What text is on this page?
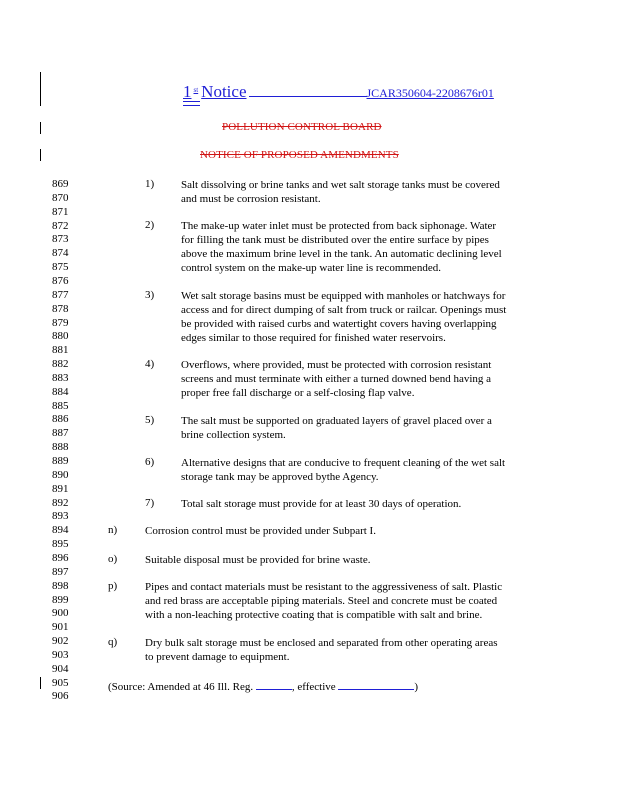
1 $^{st}$ Notice	JCAR350604-2208676r01
POLLUTION CONTROL BOARD
NOTICE OF PROPOSED AMENDMENTS
869
870
871
872
873
874
875
876
877
878
879
880
881
882
883
884
885
886
887
888
889
890
891
892
893
894
895
896
897
898
899
900
901
902
903
904
905
906
1) Salt dissolving or brine tanks and wet salt storage tanks must be covered
and must be corrosion resistant.
2) The make-up water inlet must be protected from back siphonage. Water
for filling the tank must be distributed over the entire surface by pipes
above the maximum brine level in the tank. An automatic declining level
control system on the make-up water line is recommended.
3) Wet salt storage basins must be equipped with manholes or hatchways for
access and for direct dumping of salt from truck or railcar. Openings must
be provided with raised curbs and watertight covers having overlapping
edges similar to those required for finished water reservoirs.
4) Overflows, where provided, must be protected with corrosion resistant
screens and must terminate with either a turned downed bend having a
proper free fall discharge or a self-closing flap valve.
5) The salt must be supported on graduated layers of gravel placed over a
brine collection system.
6) Alternative designs that are conducive to frequent cleaning of the wet salt
storage tank may be approved bythe Agency.
7) Total salt storage must provide for at least 30 days of operation.
n)	Corrosion control must be provided under Subpart I.
o)	Suitable disposal must be provided for brine waste.
p)	Pipes and contact materials must be resistant to the aggressiveness of salt. Plastic
and red brass are acceptable piping materials. Steel and concrete must be coated
with a non-leaching protective coating that is compatible with salt and brine.
q)	Dry bulk salt storage must be enclosed and separated from other operating areas
to prevent damage to equipment.
(Source: Amended at 46 Ill. Reg.	, effective	)
